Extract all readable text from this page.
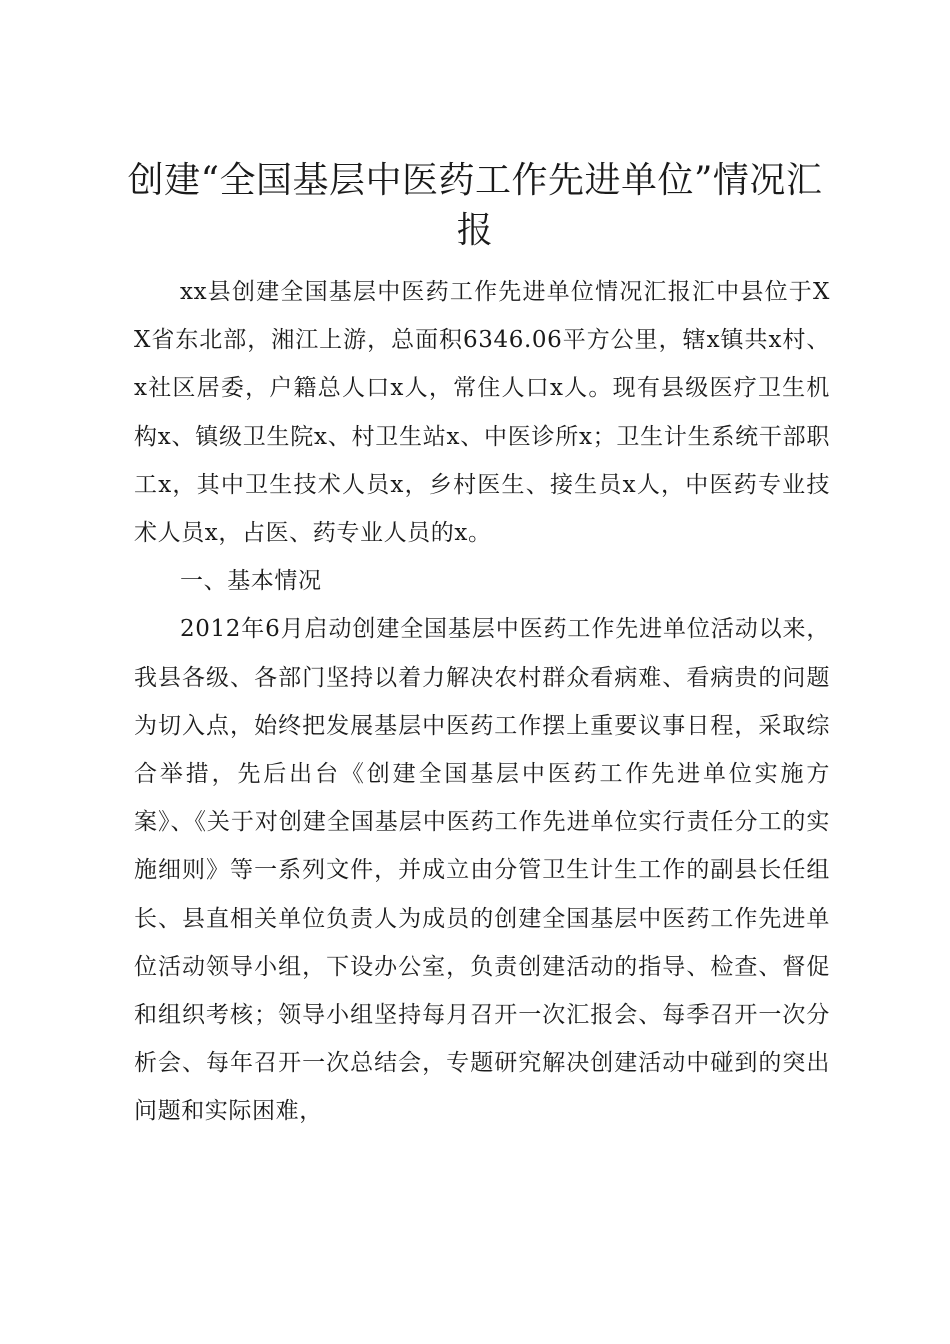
创建“全国基层中医药工作先进单位”情况汇报

xx县创建全国基层中医药工作先进单位情况汇报汇中县位于XX省东北部，湘江上游，总面积6346.06平方公里，辖x镇共x村、x社区居委，户籍总人口x人，常住人口x人。现有县级医疗卫生机构x、镇级卫生院x、村卫生站x、中医诊所x；卫生计生系统干部职工x，其中卫生技术人员x，乡村医生、接生员x人，中医药专业技术人员x，占医、药专业人员的x。

一、基本情况

2012年6月启动创建全国基层中医药工作先进单位活动以来，我县各级、各部门坚持以着力解决农村群众看病难、看病贵的问题为切入点，始终把发展基层中医药工作摆上重要议事日程，采取综合举措，先后出台《创建全国基层中医药工作先进单位实施方案》、《关于对创建全国基层中医药工作先进单位实行责任分工的实施细则》等一系列文件，并成立由分管卫生计生工作的副县长任组长、县直相关单位负责人为成员的创建全国基层中医药工作先进单位活动领导小组，下设办公室，负责创建活动的指导、检查、督促和组织考核；领导小组坚持每月召开一次汇报会、每季召开一次分析会、每年召开一次总结会，专题研究解决创建活动中碰到的突出问题和实际困难，
